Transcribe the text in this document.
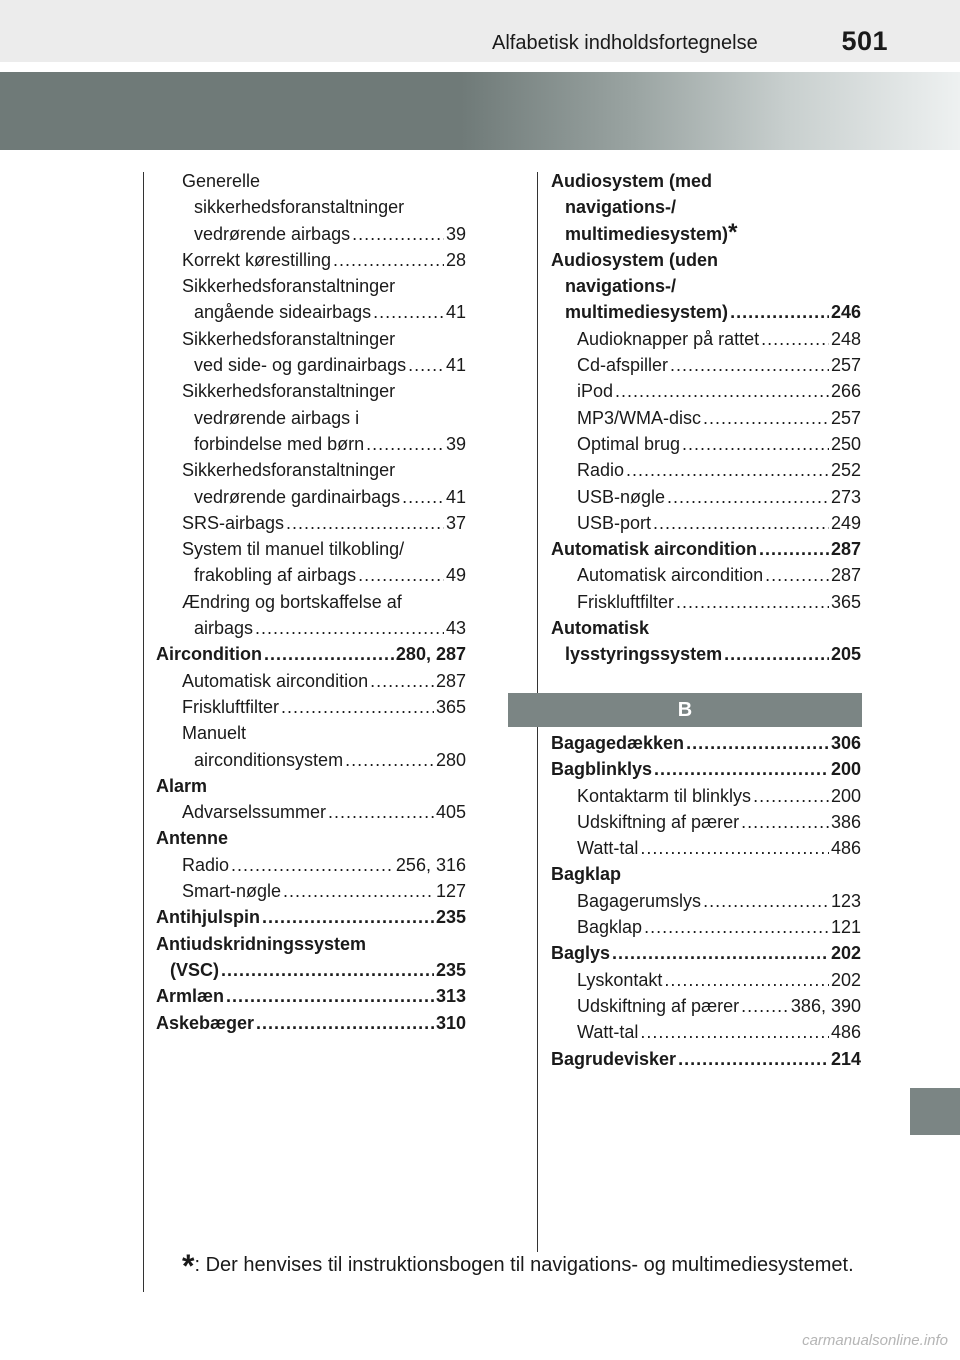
Alfabetisk indholdsfortegnelse	501
Generelle
sikkerhedsforanstaltninger
vedrørende airbags .....	39
Korrekt kørestilling .....	28
Sikkerhedsforanstaltninger
angående sideairbags .....	41
Sikkerhedsforanstaltninger
ved side- og gardinairbags ..... 41
Sikkerhedsforanstaltninger
vedrørende airbags i
forbindelse med børn .....	39
Sikkerhedsforanstaltninger
vedrørende gardinairbags .....	41
SRS-airbags .....	37
System til manuel tilkobling/
frakobling af airbags .....	49
Ændring og bortskaffelse af
airbags .....	43
Aircondition .....	280, 287
Automatisk aircondition .....	287
Friskluftfilter .....	365
Manuelt
airconditionsystem .....	280
Alarm
Advarselssummer .....	405
Antenne
Radio .....	256, 316
Smart-nøgle .....	127
Antihjulspin .....	235
Antiudskridningssystem
(VSC) .....	235
Armlæn .....	313
Askebæger .....	310
Audiosystem (med
navigations-/
multimediesystem) *
Audiosystem (uden
navigations-/
multimediesystem) .....	246
Audioknapper på rattet .....	248
Cd-afspiller .....	257
iPod .....	266
MP3/WMA-disc .....	257
Optimal brug .....	250
Radio .....	252
USB-nøgle .....	273
USB-port .....	249
Automatisk aircondition .....	287
Automatisk aircondition .....	287
Friskluftfilter .....	365
Automatisk
lysstyringssystem .....	205
B
Bagagedækken .....	306
Bagblinklys .....	200
Kontaktarm til blinklys .....	200
Udskiftning af pærer .....	386
Watt-tal .....	486
Bagklap
Bagagerumslys .....	123
Bagklap .....	121
Baglys .....	202
Lyskontakt .....	202
Udskiftning af pærer .....	386, 390
Watt-tal .....	486
Bagrudevisker .....	214
*: Der henvises til instruktionsbogen til navigations- og multimediesystemet.
carmanualsonline.info
